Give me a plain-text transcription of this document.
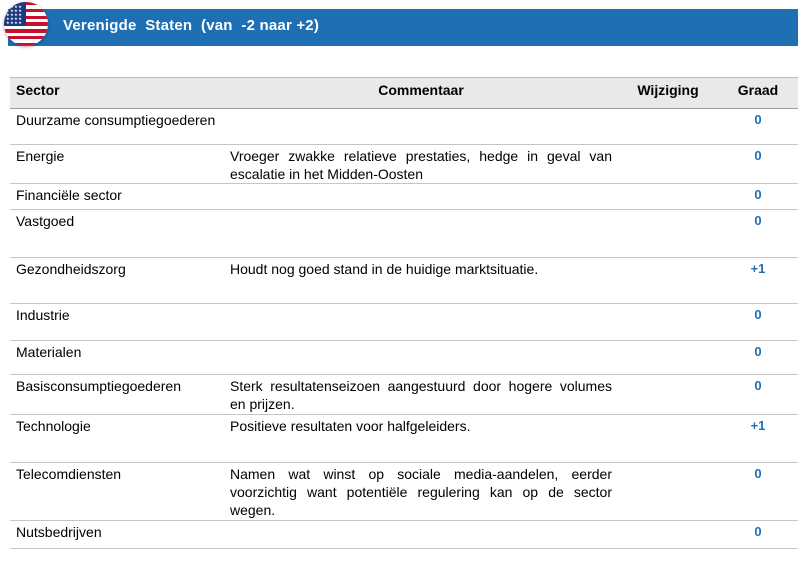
Verenigde  Staten  (van  -2 naar +2)
★★★★★★★★★★★★★★★★★★★★
Sector	Commentaar	Wijziging	Graad
Duurzame consumptiegoederen			0
Energie	Vroeger zwakke relatieve prestaties, hedge in geval van escalatie in het Midden-Oosten		0
Financiële sector			0
Vastgoed			0
Gezondheidszorg	Houdt nog goed stand in de huidige marktsituatie.		+1
Industrie			0
Materialen			0
Basisconsumptiegoederen	Sterk resultatenseizoen aangestuurd door hogere volumes en prijzen.		0
Technologie	Positieve resultaten voor halfgeleiders.		+1
Telecomdiensten	Namen wat winst op sociale media-aandelen, eerder voorzichtig want potentiële regulering kan op de sector wegen.		0
Nutsbedrijven			0
